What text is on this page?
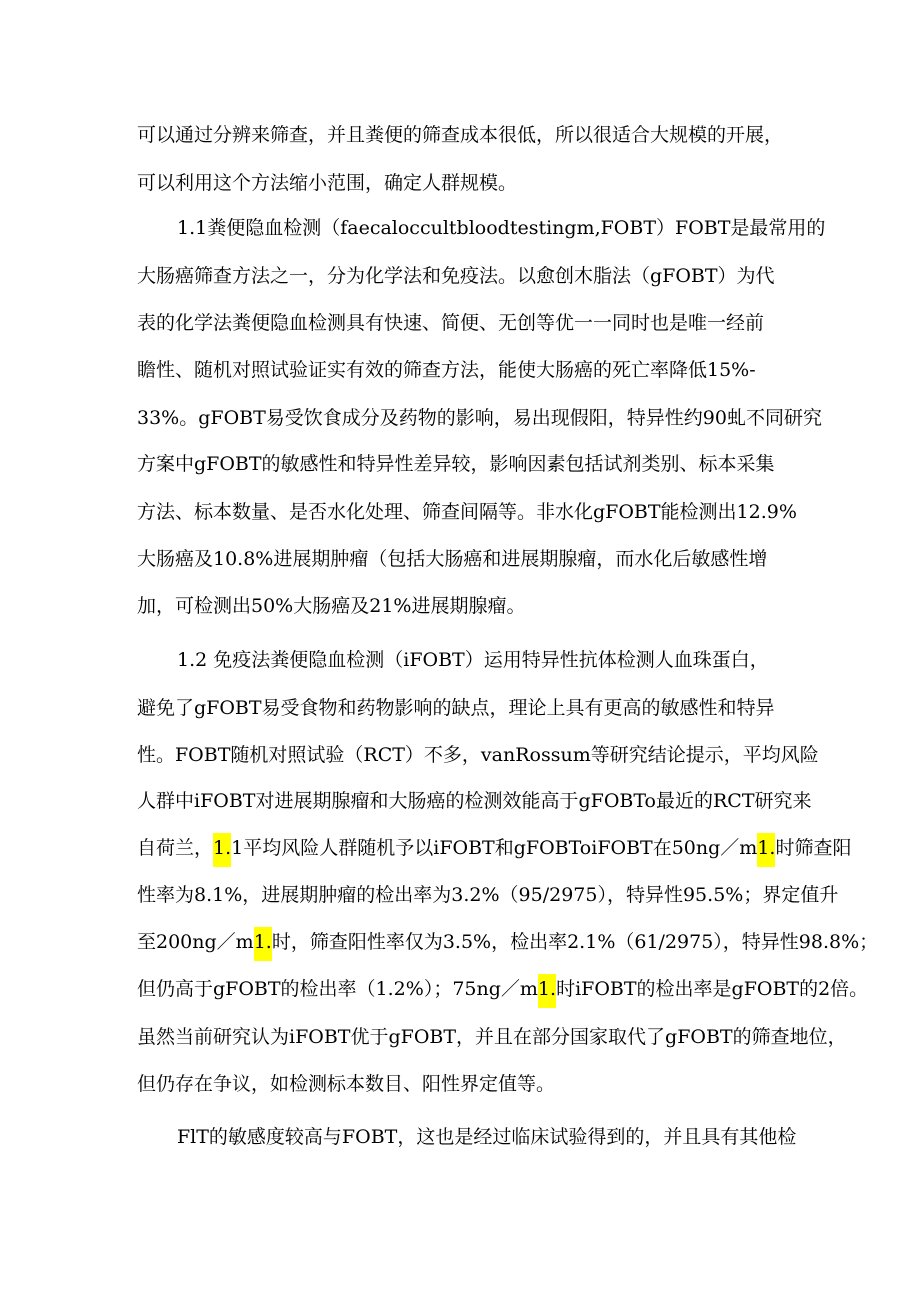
可以通过分辨来筛查，并且粪便的筛查成本很低，所以很适合大规模的开展，
可以利用这个方法缩小范围，确定人群规模。
1.1粪便隐血检测（faecaloccultbloodtestingm,FOBT）FOBT是最常用的
大肠癌筛查方法之一，分为化学法和免疫法。以愈创木脂法（gFOBT）为代
表的化学法粪便隐血检测具有快速、简便、无创等优一一同时也是唯一经前
瞻性、随机对照试验证实有效的筛查方法，能使大肠癌的死亡率降低15%-
33%。gFOBT易受饮食成分及药物的影响，易出现假阳，特异性约90虬不同研究
方案中gFOBT的敏感性和特异性差异较，影响因素包括试剂类别、标本采集
方法、标本数量、是否水化处理、筛查间隔等。非水化gFOBT能检测出12.9%
大肠癌及10.8%进展期肿瘤（包括大肠癌和进展期腺瘤，而水化后敏感性增
加，可检测出50%大肠癌及21%进展期腺瘤。
1.2 免疫法粪便隐血检测（iFOBT）运用特异性抗体检测人血珠蛋白，
避免了gFOBT易受食物和药物影响的缺点，理论上具有更高的敏感性和特异
性。FOBT随机对照试验（RCT）不多，vanRossum等研究结论提示，平均风险
人群中iFOBT对进展期腺瘤和大肠癌的检测效能高于gFOBTo最近的RCT研究来
自荷兰，1.1平均风险人群随机予以iFOBT和gFOBToiFOBT在50ng／m1.时筛查阳
性率为8.1%，进展期肿瘤的检出率为3.2%（95/2975），特异性95.5%；界定值升
至200ng／m1.时，筛查阳性率仅为3.5%，检出率2.1%（61/2975），特异性98.8%；
但仍高于gFOBT的检出率（1.2%）；75ng／m1.时iFOBT的检出率是gFOBT的2倍。
虽然当前研究认为iFOBT优于gFOBT，并且在部分国家取代了gFOBT的筛查地位，
但仍存在争议，如检测标本数目、阳性界定值等。
FlT的敏感度较高与FOBT，这也是经过临床试验得到的，并且具有其他检
